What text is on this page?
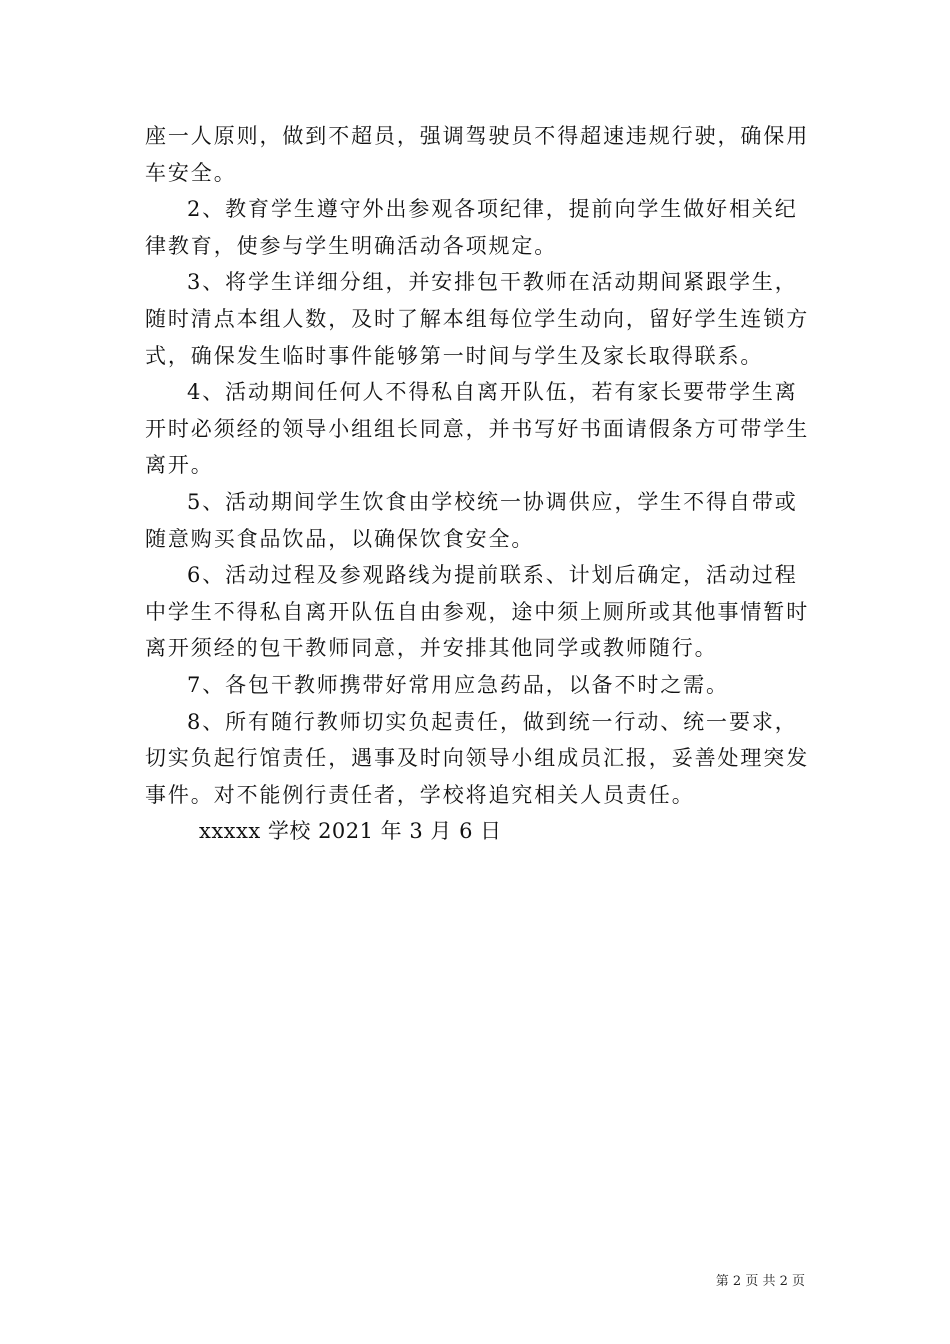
座一人原则，做到不超员，强调驾驶员不得超速违规行驶，确保用
车安全。
2、教育学生遵守外出参观各项纪律，提前向学生做好相关纪
律教育，使参与学生明确活动各项规定。
3、将学生详细分组，并安排包干教师在活动期间紧跟学生，
随时清点本组人数，及时了解本组每位学生动向，留好学生连锁方
式，确保发生临时事件能够第一时间与学生及家长取得联系。
4、活动期间任何人不得私自离开队伍，若有家长要带学生离
开时必须经的领导小组组长同意，并书写好书面请假条方可带学生
离开。
5、活动期间学生饮食由学校统一协调供应，学生不得自带或
随意购买食品饮品，以确保饮食安全。
6、活动过程及参观路线为提前联系、计划后确定，活动过程
中学生不得私自离开队伍自由参观，途中须上厕所或其他事情暂时
离开须经的包干教师同意，并安排其他同学或教师随行。
7、各包干教师携带好常用应急药品，以备不时之需。
8、所有随行教师切实负起责任，做到统一行动、统一要求，
切实负起行馆责任，遇事及时向领导小组成员汇报，妥善处理突发
事件。对不能例行责任者，学校将追究相关人员责任。
xxxxx 学校 2021 年 3 月 6 日
第 2 页 共 2 页
